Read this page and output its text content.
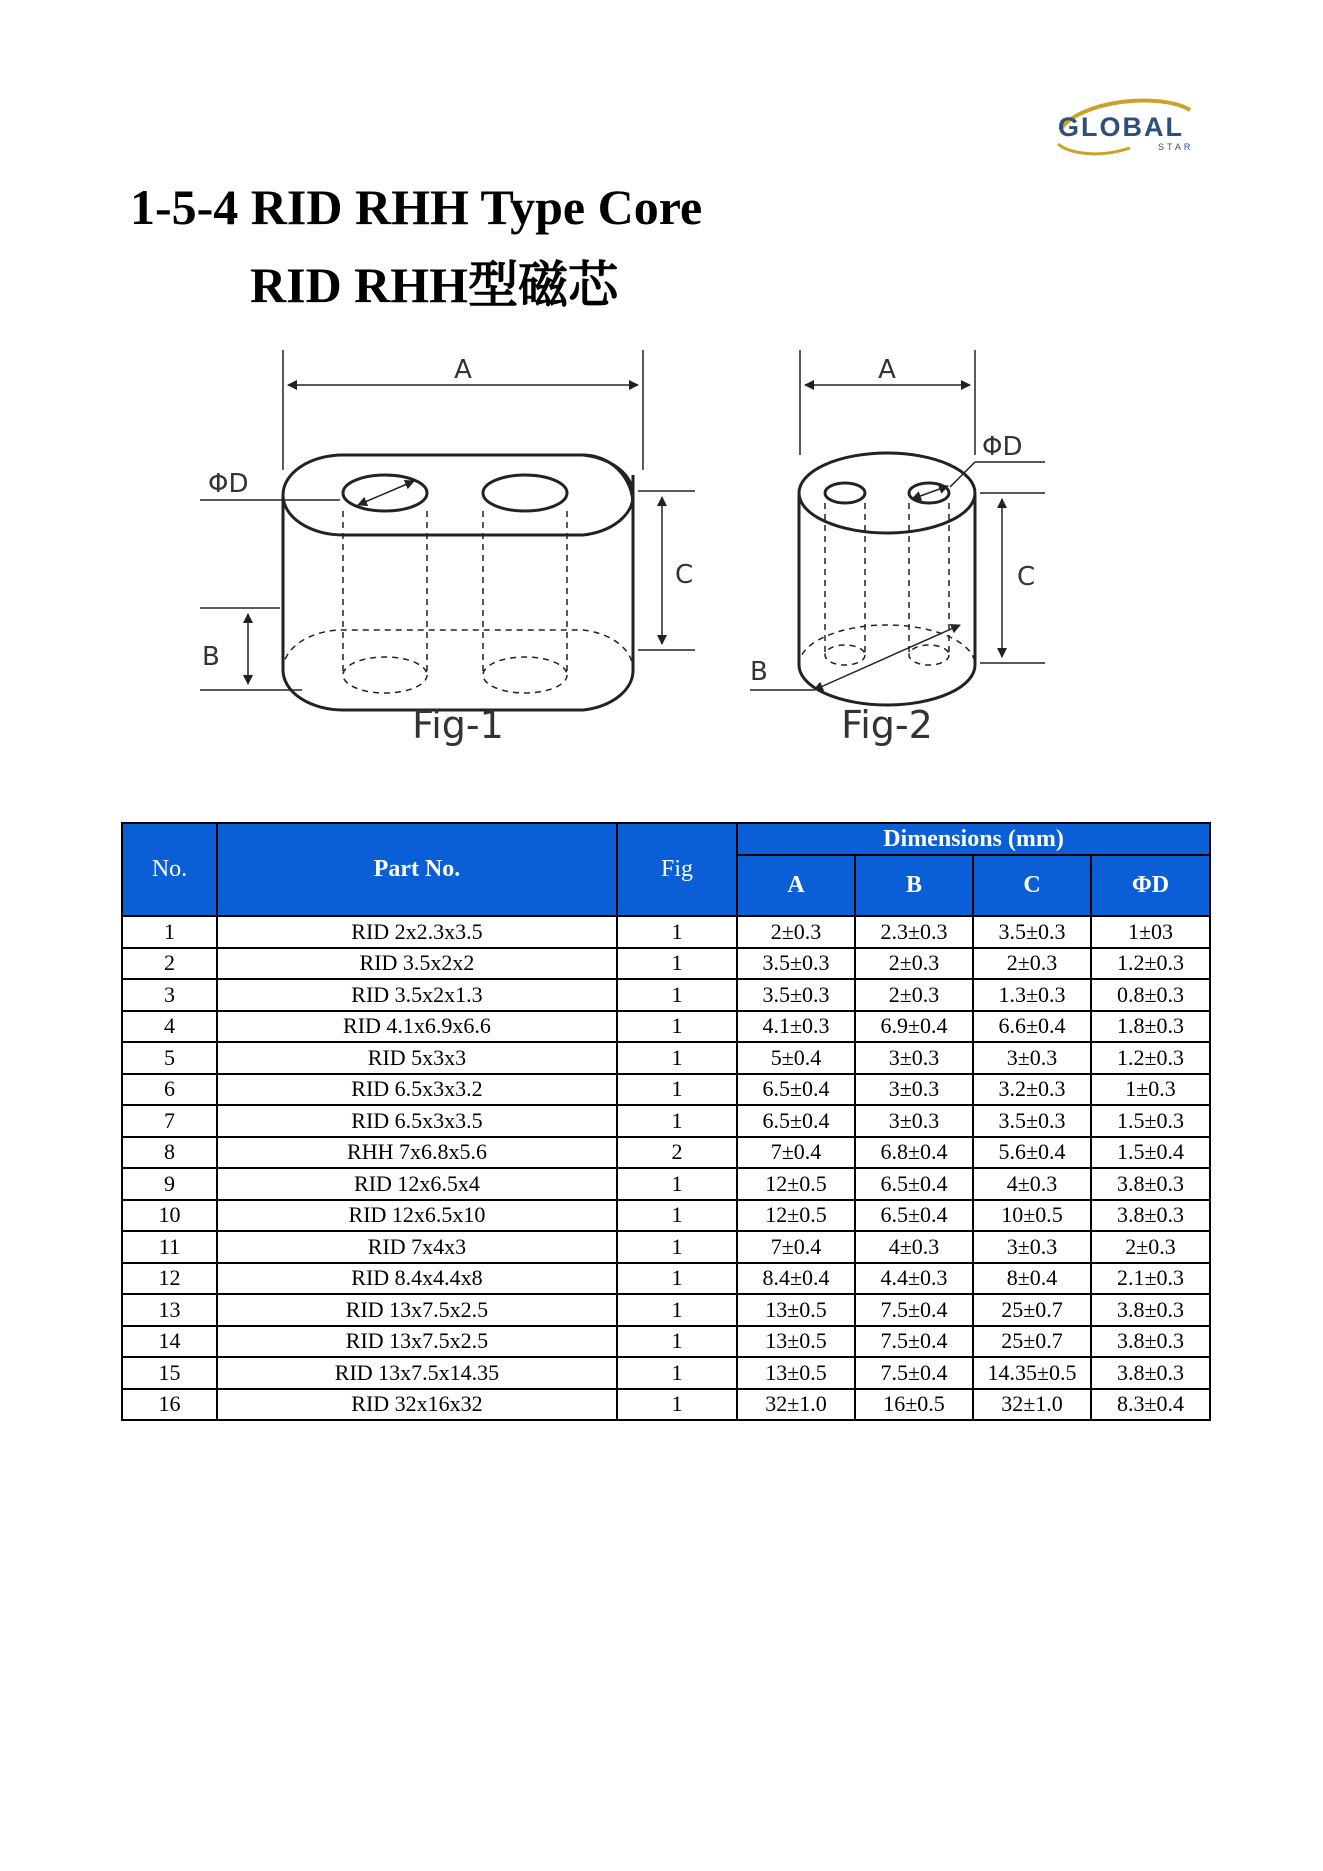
GLOBAL
STAR
1-5-4 RID RHH Type Core
RID RHH型磁芯
A
C
B
ΦD
Fig-1
A
C
B
ΦD
Fig-2
No.	Part No.	Fig	Dimensions (mm)			
			A	B	C	ΦD
1	RID 2x2.3x3.5	1	2±0.3	2.3±0.3	3.5±0.3	1±03
2	RID 3.5x2x2	1	3.5±0.3	2±0.3	2±0.3	1.2±0.3
3	RID 3.5x2x1.3	1	3.5±0.3	2±0.3	1.3±0.3	0.8±0.3
4	RID 4.1x6.9x6.6	1	4.1±0.3	6.9±0.4	6.6±0.4	1.8±0.3
5	RID 5x3x3	1	5±0.4	3±0.3	3±0.3	1.2±0.3
6	RID 6.5x3x3.2	1	6.5±0.4	3±0.3	3.2±0.3	1±0.3
7	RID 6.5x3x3.5	1	6.5±0.4	3±0.3	3.5±0.3	1.5±0.3
8	RHH 7x6.8x5.6	2	7±0.4	6.8±0.4	5.6±0.4	1.5±0.4
9	RID 12x6.5x4	1	12±0.5	6.5±0.4	4±0.3	3.8±0.3
10	RID 12x6.5x10	1	12±0.5	6.5±0.4	10±0.5	3.8±0.3
11	RID 7x4x3	1	7±0.4	4±0.3	3±0.3	2±0.3
12	RID 8.4x4.4x8	1	8.4±0.4	4.4±0.3	8±0.4	2.1±0.3
13	RID 13x7.5x2.5	1	13±0.5	7.5±0.4	25±0.7	3.8±0.3
14	RID 13x7.5x2.5	1	13±0.5	7.5±0.4	25±0.7	3.8±0.3
15	RID 13x7.5x14.35	1	13±0.5	7.5±0.4	14.35±0.5	3.8±0.3
16	RID 32x16x32	1	32±1.0	16±0.5	32±1.0	8.3±0.4
